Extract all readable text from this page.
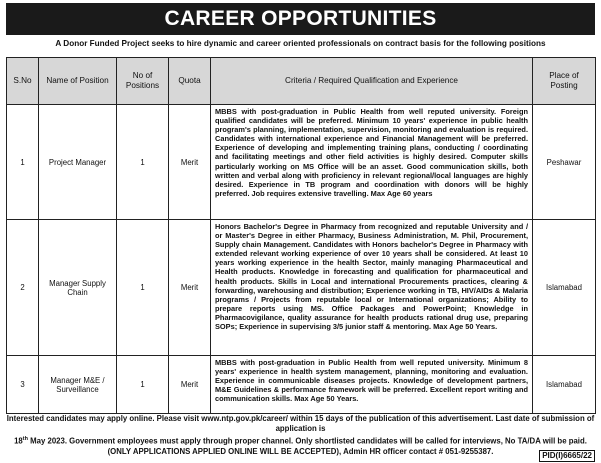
CAREER OPPORTUNITIES
A Donor Funded Project seeks to hire dynamic and career oriented professionals on contract basis for the following positions
S.No	Name of Position	No of Positions	Quota	Criteria / Required Qualification and Experience	Place of Posting
1	Project Manager	1	Merit	MBBS with post-graduation in Public Health from well reputed university. Foreign qualified candidates will be preferred. Minimum 10 years' experience in public health program's planning, implementation, supervision, monitoring and evaluation is required. Candidates with international experience and Financial Management will be preferred. Experience of developing and implementing training plans, conducting / coordinating and facilitating meetings and other field activities is highly desired. Computer skills particularly working on MS Office will be an asset. Good communication skills, both written and verbal along with proficiency in relevant regional/local languages are highly desired. Experience in TB program and coordination with donors will be highly preferred. Job requires extensive travelling. Max Age 60 years	Peshawar
2	Manager Supply Chain	1	Merit	Honors Bachelor's Degree in Pharmacy from recognized and reputable University and / or Master's Degree in either Pharmacy, Business Administration, M. Phil, Procurement, Supply chain Management. Candidates with Honors bachelor's Degree in Pharmacy with extended relevant working experience of over 10 years shall be considered. At least 10 years working experience in the health Sector, mainly managing Pharmaceutical and Health products. Knowledge in forecasting and qualification for pharmaceutical and health products. Skills in Local and international Procurements practices, clearing & forwarding, warehousing and distribution; Experience working in TB, HIV/AIDs & Malaria programs / Projects from reputable local or International organizations; Ability to prepare reports using MS. Office Packages and PowerPoint; Knowledge in Pharmacovigilance, quality assurance for health products rational drug use, preparing SOPs; Experience in supervising 3/5 junior staff & mentoring. Max Age 50 Years.	Islamabad
3	Manager M&E / Surveillance	1	Merit	MBBS with post-graduation in Public Health from well reputed university. Minimum 8 years' experience in health system management, planning, monitoring and evaluation. Experience in communicable diseases projects. Knowledge of development partners, M&E Guidelines & performance framework will be preferred. Excellent report writing and communication skills. Max Age 50 Years.	Islamabad
Interested candidates may apply online. Please visit www.ntp.gov.pk/career/ within 15 days of the publication of this advertisement. Last date of submission of application is
18th May 2023. Government employees must apply through proper channel. Only shortlisted candidates will be called for interviews, No TA/DA will be paid.
(ONLY APPLICATIONS APPLIED ONLINE WILL BE ACCEPTED), Admin HR officer contact # 051-9255387.	PID(I)6665/22
